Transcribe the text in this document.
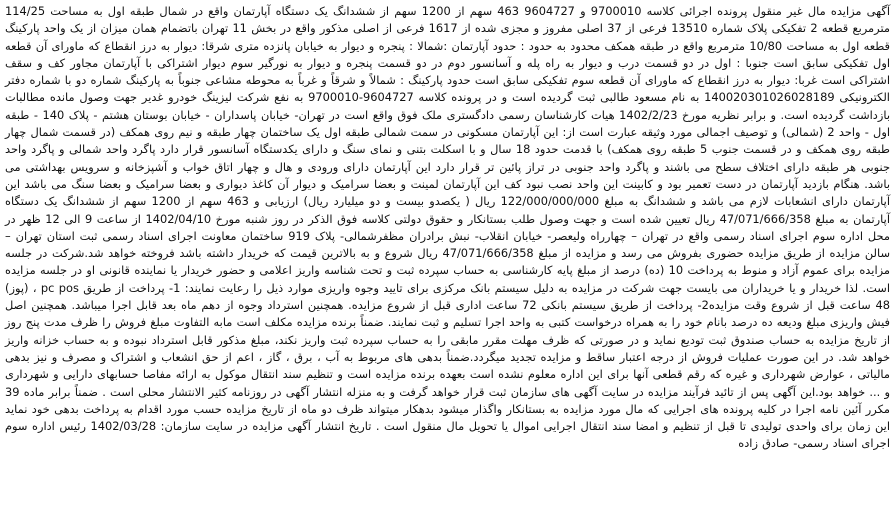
آگهی مزایده مال غیر منقول پرونده اجرائی کلاسه 9700010 و 9604727 463 سهم از 1200 سهم از ششدانگ یک دستگاه آپارتمان واقع در شمال طبقه اول به مساحت 114/25 مترمربع قطعه 2 تفکیکی پلاک شماره 13510 فرعی از 37 اصلی مفروز و مجزی شده از 1617 فرعی از اصلی مذکور واقع در بخش 11 تهران باتضمام همان میزان از یک واحد پارکینگ قطعه اول به مساحت 10/80 مترمربع واقع در طبقه همکف محدود به حدود : حدود آپارتمان :شمالا : پنجره و دیوار به خیابان پانزده متری شرقا: دیوار به درز انقطاع که ماورای آن قطعه اول تفکیکی سابق است جنوبا : اول در دو قسمت درب و دیوار به راه پله و آسانسور دوم در دو قسمت پنجره و دیوار به نورگیر سوم دیوار اشتراکی با آپارتمان مجاور کف و سقف اشتراکی است غربا: دیوار به درز انقطاع که ماورای آن قطعه سوم تفکیکی سابق است حدود پارکینگ : شمالاً و شرقاً و غرباً به محوطه مشاعی جنوباً به پارکینگ شماره دو با شماره دفتر الکترونیکی 140020301026028189 به نام مسعود طالبی ثبت گردیده است و در پرونده کلاسه 9604727-9700010 به نفع شرکت لیزینگ خودرو غدیر جهت وصول مانده مطالبات بازداشت گردیده است. و برابر نظریه مورخ 1402/2/23 هیات کارشناسان رسمی دادگستری ملک فوق واقع است در تهران- خیابان پاسداران - خیابان بوستان هشتم - پلاک 140 - طبقه اول - واحد 2 (شمالی) و توصیف اجمالی مورد وثیقه عبارت است از: این آپارتمان مسکونی در سمت شمالی طبقه اول یک ساختمان چهار طبقه و نیم روی همکف (در قسمت شمال چهار طبقه روی همکف و در قسمت جنوب 5 طبقه روی همکف) با قدمت حدود 18 سال و با اسکلت بتنی و نمای سنگ و دارای یکدستگاه آسانسور قرار دارد پاگرد واحد شمالی و پاگرد واحد جنوبی هر طبقه دارای اختلاف سطح می باشند و پاگرد واحد جنوبی در تراز پائین تر قرار دارد این آپارتمان دارای ورودی و هال و چهار اتاق خواب و آشپزخانه و سرویس بهداشتی می باشد. هنگام بازدید آپارتمان در دست تعمیر بود و کابینت این واحد نصب نبود کف این آپارتمان لمینت و بعضا سرامیک و دیوار آن کاغذ دیواری و بعضا سرامیک و بعضا سنگ می باشد این آپارتمان دارای انشعابات لازم می باشد و ششدانگ به مبلغ 122/000/000/000 ریال ( یکصدو بیست و دو میلیارد ریال) ارزیابی و 463 سهم از 1200 سهم از ششدانگ یک دستگاه آپارتمان به مبلغ 47/071/666/358 ریال تعیین شده است و جهت وصول طلب بستانکار و حقوق دولتی کلاسه فوق الذکر در روز شنبه مورخ 1402/04/10 از ساعت 9 الی 12 ظهر در محل اداره سوم اجرای اسناد رسمی واقع در تهران – چهارراه ولیعصر- خیابان انقلاب- نبش برادران مظفرشمالی- پلاک 919 ساختمان معاونت اجرای اسناد رسمی ثبت استان تهران – سالن مزایده از طریق مزایده حضوری بفروش می رسد و مزایده از مبلغ 47/071/666/358 ریال شروع و به بالاترین قیمت که خریدار داشته باشد فروخته خواهد شد.شرکت در جلسه مزایده برای عموم آزاد و منوط به پرداخت 10 (ده) درصد از مبلغ پایه کارشناسی به حساب سپرده ثبت و تحت شناسه واریز اعلامی و حضور خریدار یا نماینده قانونی او در جلسه مزایده است. لذا خریدار و یا خریداران می بایست جهت شرکت در مزایده به دلیل سیستم بانک مرکزی برای تایید وجوه واریزی موارد ذیل را رعایت نمایند: 1- پرداخت از طریق pc pos ، (پوز) 48 ساعت قبل از شروع وقت مزایده2- پرداخت از طریق سیستم بانکی 72 ساعت اداری قبل از شروع مزایده. همچنین استرداد وجوه از دهم ماه بعد قابل اجرا میباشد. همچنین اصل فیش واریزی مبلغ ودیعه ده درصد بانام خود را به همراه درخواست کتبی به واحد اجرا تسلیم و ثبت نمایند. ضمناً برنده مزایده مکلف است مابه التفاوت مبلغ فروش را ظرف مدت پنج روز از تاریخ مزایده به حساب صندوق ثبت تودیع نماید و در صورتی که ظرف مهلت مقرر مابقی را به حساب سپرده ثبت واریز نکند، مبلغ مذکور قابل استرداد نبوده و به حساب خزانه واریز خواهد شد. در این صورت عملیات فروش از درجه اعتبار ساقط و مزایده تجدید میگردد.ضمناً بدهی های مربوط به آب ، برق ، گاز ، اعم از حق انشعاب و اشتراک و مصرف و نیز بدهی مالیاتی ، عوارض شهرداری و غیره که رقم قطعی آنها برای این اداره معلوم نشده است بعهده برنده مزایده است و تنظیم سند انتقال موکول به ارائه مفاصا حسابهای دارایی و شهرداری و ... خواهد بود.این آگهی پس از تائید فرآیند مزایده در سایت آگهی های سازمان ثبت قرار خواهد گرفت و به منزله انتشار آگهی در روزنامه کثیر الانتشار محلی است . ضمناً برابر ماده 39 مکرر آئین نامه اجرا در کلیه پرونده های اجرایی که مال مورد مزایده به بستانکار واگذار میشود بدهکار میتواند ظرف دو ماه از تاریخ مزایده حسب مورد اقدام به پرداخت بدهی خود نماید این زمان برای واحدی تولیدی تا قبل از تنظیم و امضا سند انتقال اجرایی اموال یا تحویل مال منقول است . تاریخ انتشار آگهی مزایده در سایت سازمان: 1402/03/28 رئیس اداره سوم اجرای اسناد رسمی- صادق زاده
